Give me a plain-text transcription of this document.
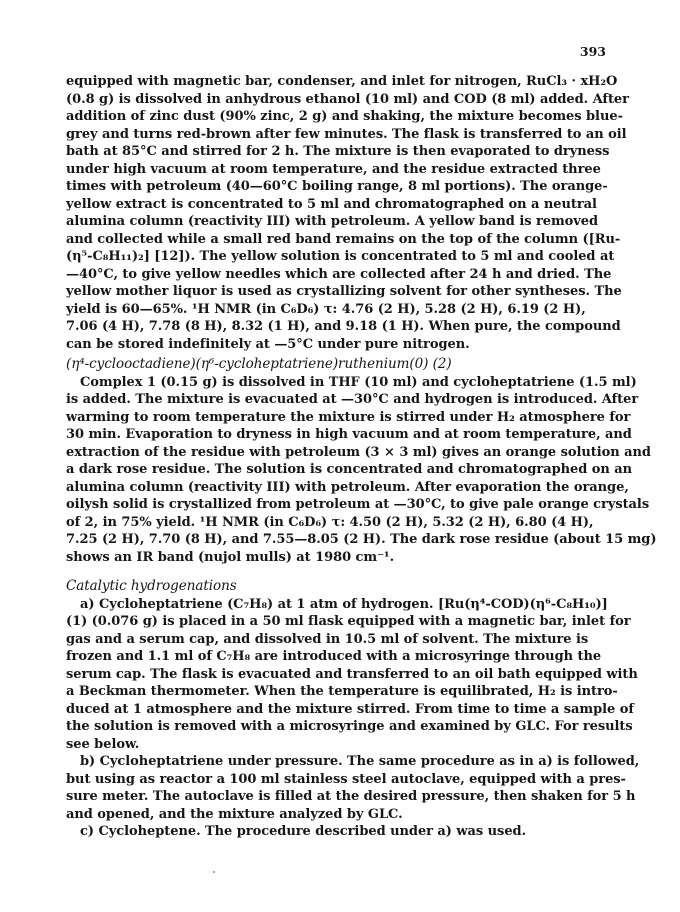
393
equipped with magnetic bar, condenser, and inlet for nitrogen, RuCl₃ · xH₂O
(0.8 g) is dissolved in anhydrous ethanol (10 ml) and COD (8 ml) added. After
addition of zinc dust (90% zinc, 2 g) and shaking, the mixture becomes blue-
grey and turns red-brown after few minutes. The flask is transferred to an oil
bath at 85°C and stirred for 2 h. The mixture is then evaporated to dryness
under high vacuum at room temperature, and the residue extracted three
times with petroleum (40—60°C boiling range, 8 ml portions). The orange-
yellow extract is concentrated to 5 ml and chromatographed on a neutral
alumina column (reactivity III) with petroleum. A yellow band is removed
and collected while a small red band remains on the top of the column ([Ru-
(η⁵-C₈H₁₁)₂] [12]). The yellow solution is concentrated to 5 ml and cooled at
—40°C, to give yellow needles which are collected after 24 h and dried. The
yellow mother liquor is used as crystallizing solvent for other syntheses. The
yield is 60—65%. ¹H NMR (in C₆D₆) τ: 4.76 (2 H), 5.28 (2 H), 6.19 (2 H),
7.06 (4 H), 7.78 (8 H), 8.32 (1 H), and 9.18 (1 H). When pure, the compound
can be stored indefinitely at —5°C under pure nitrogen.
(η⁴-cyclooctadiene)(η⁶-cycloheptatriene)ruthenium(0) (2)
Complex 1 (0.15 g) is dissolved in THF (10 ml) and cycloheptatriene (1.5 ml)
is added. The mixture is evacuated at —30°C and hydrogen is introduced. After
warming to room temperature the mixture is stirred under H₂ atmosphere for
30 min. Evaporation to dryness in high vacuum and at room temperature, and
extraction of the residue with petroleum (3 × 3 ml) gives an orange solution and
a dark rose residue. The solution is concentrated and chromatographed on an
alumina column (reactivity III) with petroleum. After evaporation the orange,
oilysh solid is crystallized from petroleum at —30°C, to give pale orange crystals
of 2, in 75% yield. ¹H NMR (in C₆D₆) τ: 4.50 (2 H), 5.32 (2 H), 6.80 (4 H),
7.25 (2 H), 7.70 (8 H), and 7.55—8.05 (2 H). The dark rose residue (about 15 mg)
shows an IR band (nujol mulls) at 1980 cm⁻¹.
Catalytic hydrogenations
a) Cycloheptatriene (C₇H₈) at 1 atm of hydrogen. [Ru(η⁴-COD)(η⁶-C₈H₁₀)]
(1) (0.076 g) is placed in a 50 ml flask equipped with a magnetic bar, inlet for
gas and a serum cap, and dissolved in 10.5 ml of solvent. The mixture is
frozen and 1.1 ml of C₇H₈ are introduced with a microsyringe through the
serum cap. The flask is evacuated and transferred to an oil bath equipped with
a Beckman thermometer. When the temperature is equilibrated, H₂ is intro-
duced at 1 atmosphere and the mixture stirred. From time to time a sample of
the solution is removed with a microsyringe and examined by GLC. For results
see below.
b) Cycloheptatriene under pressure. The same procedure as in a) is followed,
but using as reactor a 100 ml stainless steel autoclave, equipped with a pres-
sure meter. The autoclave is filled at the desired pressure, then shaken for 5 h
and opened, and the mixture analyzed by GLC.
c) Cycloheptene. The procedure described under a) was used.
